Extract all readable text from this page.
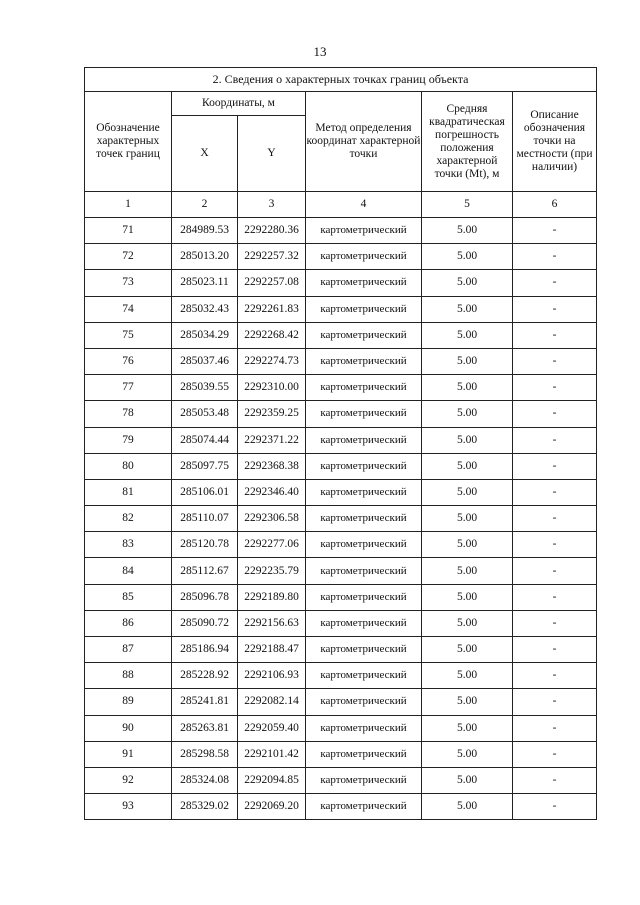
13
2. Сведения о характерных точках границ объекта					
Обозначение характерных точек границ	Координаты, м		Метод определения координат характерной точки	Средняя квадратическая погрешность положения характерной точки (Mt), м	Описание обозначения точки на местности (при наличии)
	X	Y			
1	2	3	4	5	6
71	284989.53	2292280.36	картометрический	5.00	-
72	285013.20	2292257.32	картометрический	5.00	-
73	285023.11	2292257.08	картометрический	5.00	-
74	285032.43	2292261.83	картометрический	5.00	-
75	285034.29	2292268.42	картометрический	5.00	-
76	285037.46	2292274.73	картометрический	5.00	-
77	285039.55	2292310.00	картометрический	5.00	-
78	285053.48	2292359.25	картометрический	5.00	-
79	285074.44	2292371.22	картометрический	5.00	-
80	285097.75	2292368.38	картометрический	5.00	-
81	285106.01	2292346.40	картометрический	5.00	-
82	285110.07	2292306.58	картометрический	5.00	-
83	285120.78	2292277.06	картометрический	5.00	-
84	285112.67	2292235.79	картометрический	5.00	-
85	285096.78	2292189.80	картометрический	5.00	-
86	285090.72	2292156.63	картометрический	5.00	-
87	285186.94	2292188.47	картометрический	5.00	-
88	285228.92	2292106.93	картометрический	5.00	-
89	285241.81	2292082.14	картометрический	5.00	-
90	285263.81	2292059.40	картометрический	5.00	-
91	285298.58	2292101.42	картометрический	5.00	-
92	285324.08	2292094.85	картометрический	5.00	-
93	285329.02	2292069.20	картометрический	5.00	-
